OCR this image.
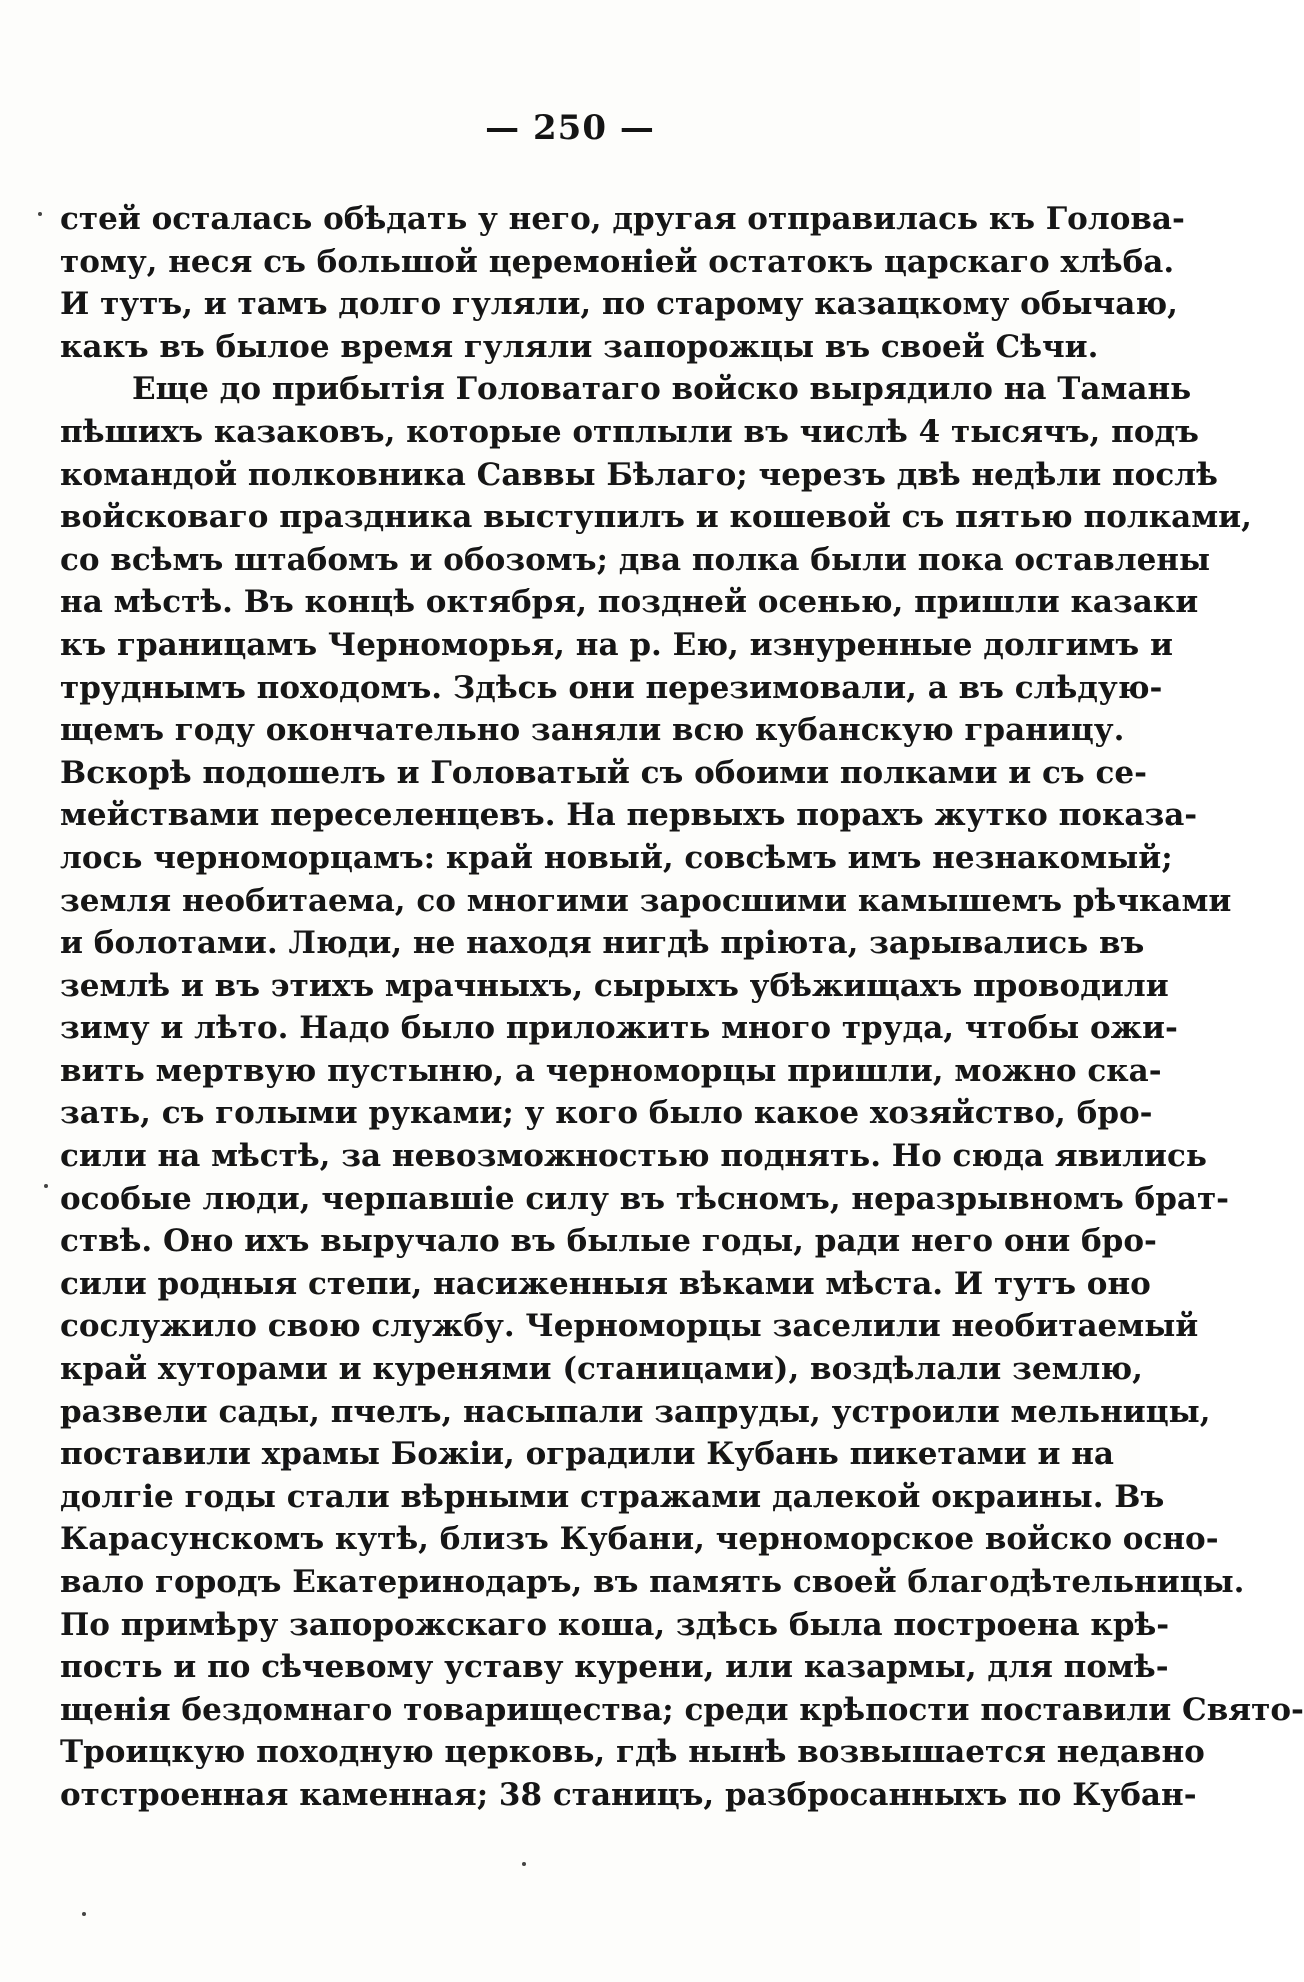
— 250 —
стей осталась обѣдать у него, другая отправилась къ Голова-
тому, неся съ большой церемоніей остатокъ царскаго хлѣба.
И тутъ, и тамъ долго гуляли, по старому казацкому обычаю,
какъ въ былое время гуляли запорожцы въ своей Сѣчи.
Еще до прибытія Головатаго войско вырядило на Тамань
пѣшихъ казаковъ, которые отплыли въ числѣ 4 тысячъ, подъ
командой полковника Саввы Бѣлаго; черезъ двѣ недѣли послѣ
войсковаго праздника выступилъ и кошевой съ пятью полками,
со всѣмъ штабомъ и обозомъ; два полка были пока оставлены
на мѣстѣ. Въ концѣ октября, поздней осенью, пришли казаки
къ границамъ Черноморья, на р. Ею, изнуренные долгимъ и
труднымъ походомъ. Здѣсь они перезимовали, а въ слѣдую-
щемъ году окончательно заняли всю кубанскую границу.
Вскорѣ подошелъ и Головатый съ обоими полками и съ се-
мействами переселенцевъ. На первыхъ порахъ жутко показа-
лось черноморцамъ: край новый, совсѣмъ имъ незнакомый;
земля необитаема, со многими заросшими камышемъ рѣчками
и болотами. Люди, не находя нигдѣ пріюта, зарывались въ
землѣ и въ этихъ мрачныхъ, сырыхъ убѣжищахъ проводили
зиму и лѣто. Надо было приложить много труда, чтобы ожи-
вить мертвую пустыню, а черноморцы пришли, можно ска-
зать, съ голыми руками; у кого было какое хозяйство, бро-
сили на мѣстѣ, за невозможностью поднять. Но сюда явились
особые люди, черпавшіе силу въ тѣсномъ, неразрывномъ брат-
ствѣ. Оно ихъ выручало въ былые годы, ради него они бро-
сили родныя степи, насиженныя вѣками мѣста. И тутъ оно
сослужило свою службу. Черноморцы заселили необитаемый
край хуторами и куренями (станицами), воздѣлали землю,
развели сады, пчелъ, насыпали запруды, устроили мельницы,
поставили храмы Божіи, оградили Кубань пикетами и на
долгіе годы стали вѣрными стражами далекой окраины. Въ
Карасунскомъ кутѣ, близъ Кубани, черноморское войско осно-
вало городъ Екатеринодаръ, въ память своей благодѣтельницы.
По примѣру запорожскаго коша, здѣсь была построена крѣ-
пость и по сѣчевому уставу курени, или казармы, для помѣ-
щенія бездомнаго товарищества; среди крѣпости поставили Свято-
Троицкую походную церковь, гдѣ нынѣ возвышается недавно
отстроенная каменная; 38 станицъ, разбросанныхъ по Кубан-
